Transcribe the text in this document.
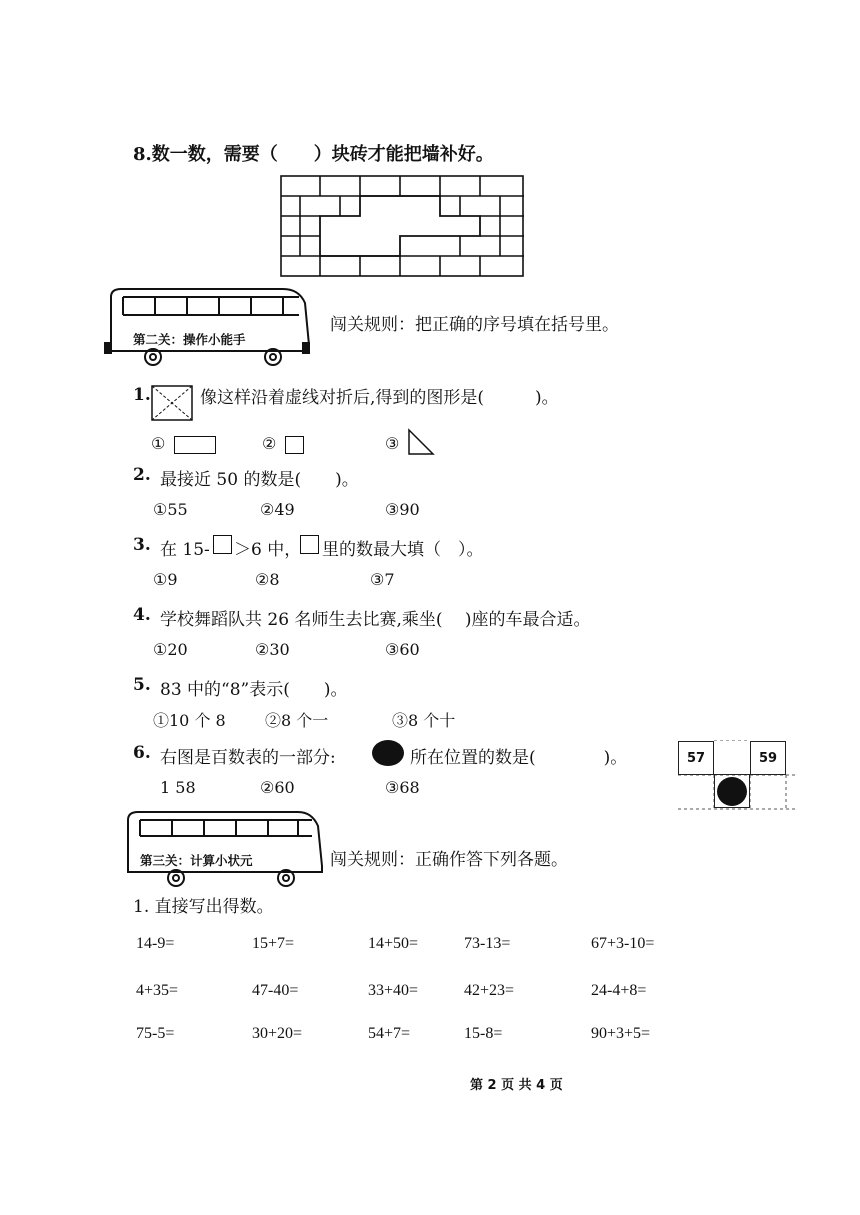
8.数一数，需要（　　）块砖才能把墙补好。
第二关：操作小能手
闯关规则：把正确的序号填在括号里。
1.	像这样沿着虚线对折后,得到的图形是(　　　)。
①	②	③
2. 最接近 50 的数是(　　)。
①55	②49	③90
3. 在 15- ＞6 中， 里的数最大填（　）。
①9	②8	③7
4. 学校舞蹈队共 26 名师生去比赛,乘坐(　 )座的车最合适。
①20	②30	③60
5. 83 中的“8”表示(　　)。
①10 个 8 ②8 个一	③8 个十
6. 右图是百数表的一部分:	所在位置的数是(　　　　)。
1 58	②60	③68
57	59
第三关：计算小状元	闯关规则：正确作答下列各题。
1. 直接写出得数。
14-9=	15+7=	14+50=	73-13=	67+3-10=
4+35=	47-40=	33+40=	42+23=	24-4+8=
75-5=	30+20=	54+7=	15-8=	90+3+5=
第 2 页 共 4 页
